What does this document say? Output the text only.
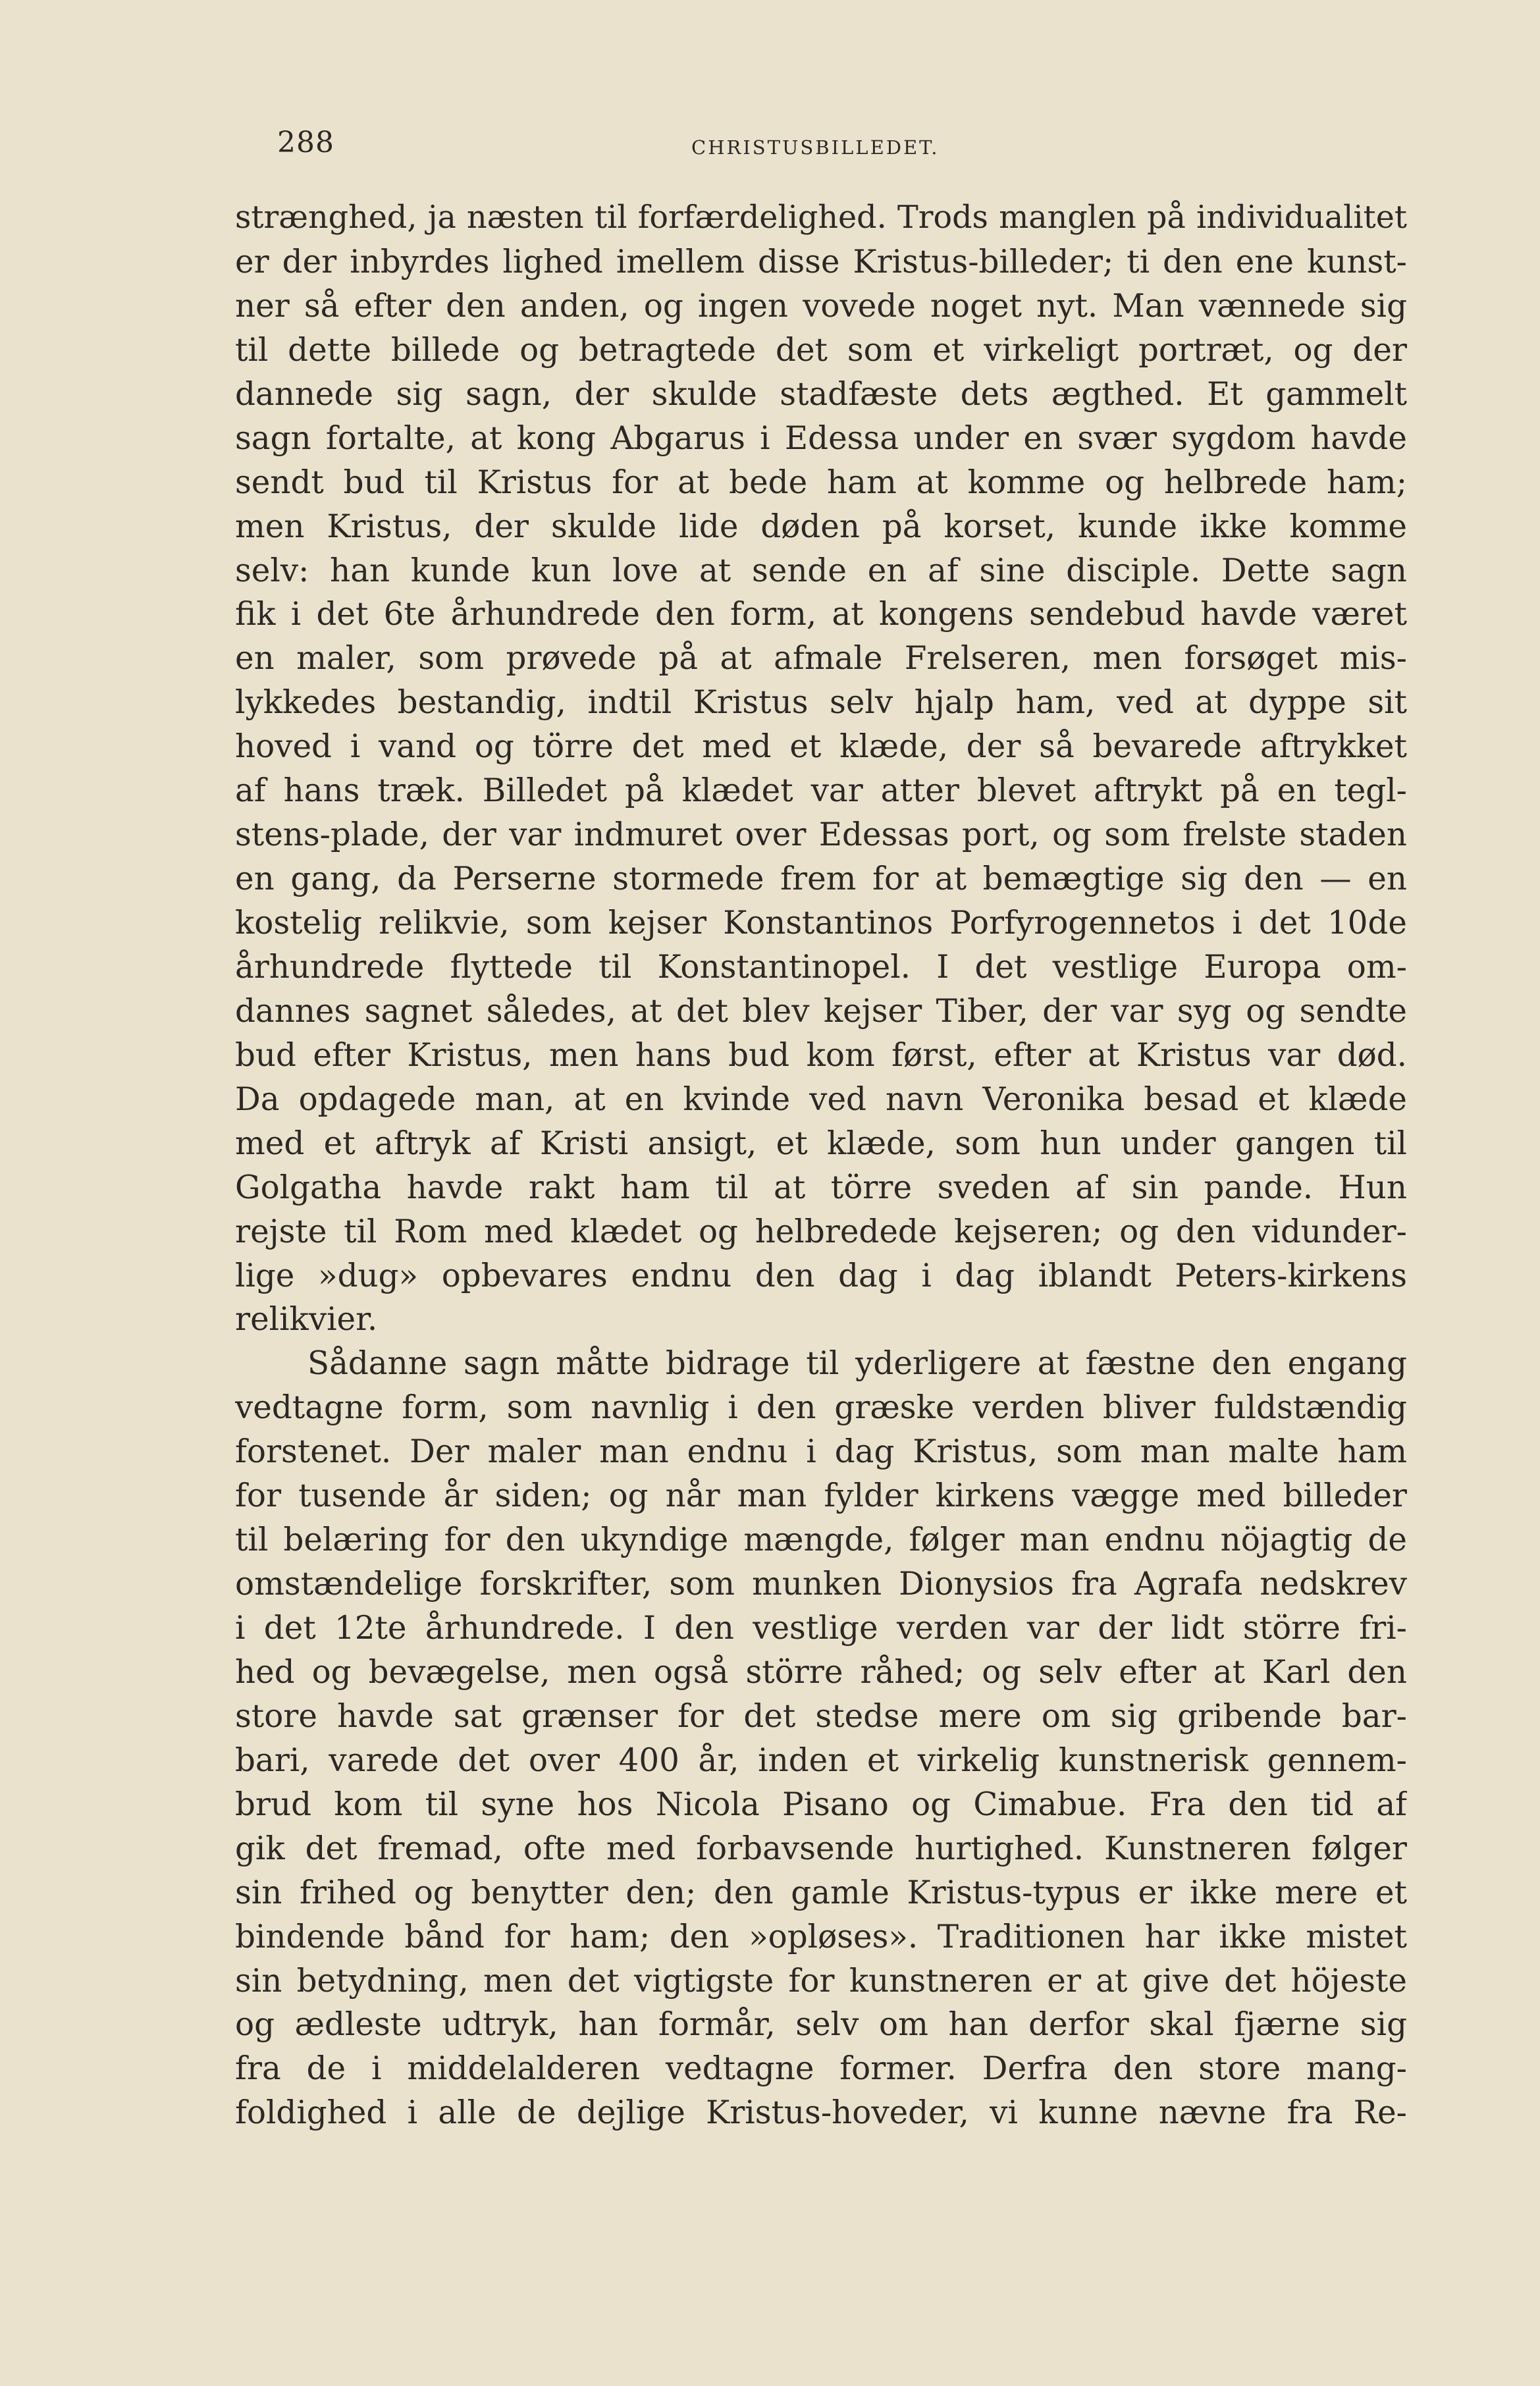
288	CHRISTUSBILLEDET.
strænghed, ja næsten til forfærdelighed. Trods manglen på individualitet
er der inbyrdes lighed imellem disse Kristus-billeder; ti den ene kunst-
ner så efter den anden, og ingen vovede noget nyt. Man vænnede sig
til dette billede og betragtede det som et virkeligt portræt, og der
dannede sig sagn, der skulde stadfæste dets ægthed. Et gammelt
sagn fortalte, at kong Abgarus i Edessa under en svær sygdom havde
sendt bud til Kristus for at bede ham at komme og helbrede ham;
men Kristus, der skulde lide døden på korset, kunde ikke komme
selv: han kunde kun love at sende en af sine disciple. Dette sagn
fik i det 6te århundrede den form, at kongens sendebud havde været
en maler, som prøvede på at afmale Frelseren, men forsøget mis-
lykkedes bestandig, indtil Kristus selv hjalp ham, ved at dyppe sit
hoved i vand og törre det med et klæde, der så bevarede aftrykket
af hans træk. Billedet på klædet var atter blevet aftrykt på en tegl-
stens-plade, der var indmuret over Edessas port, og som frelste staden
en gang, da Perserne stormede frem for at bemægtige sig den — en
kostelig relikvie, som kejser Konstantinos Porfyrogennetos i det 10de
århundrede flyttede til Konstantinopel. I det vestlige Europa om-
dannes sagnet således, at det blev kejser Tiber, der var syg og sendte
bud efter Kristus, men hans bud kom først, efter at Kristus var død.
Da opdagede man, at en kvinde ved navn Veronika besad et klæde
med et aftryk af Kristi ansigt, et klæde, som hun under gangen til
Golgatha havde rakt ham til at törre sveden af sin pande. Hun
rejste til Rom med klædet og helbredede kejseren; og den vidunder-
lige »dug» opbevares endnu den dag i dag iblandt Peters-kirkens
relikvier.
Sådanne sagn måtte bidrage til yderligere at fæstne den engang
vedtagne form, som navnlig i den græske verden bliver fuldstændig
forstenet. Der maler man endnu i dag Kristus, som man malte ham
for tusende år siden; og når man fylder kirkens vægge med billeder
til belæring for den ukyndige mængde, følger man endnu nöjagtig de
omstændelige forskrifter, som munken Dionysios fra Agrafa nedskrev
i det 12te århundrede. I den vestlige verden var der lidt större fri-
hed og bevægelse, men også större råhed; og selv efter at Karl den
store havde sat grænser for det stedse mere om sig gribende bar-
bari, varede det over 400 år, inden et virkelig kunstnerisk gennem-
brud kom til syne hos Nicola Pisano og Cimabue. Fra den tid af
gik det fremad, ofte med forbavsende hurtighed. Kunstneren følger
sin frihed og benytter den; den gamle Kristus-typus er ikke mere et
bindende bånd for ham; den »opløses». Traditionen har ikke mistet
sin betydning, men det vigtigste for kunstneren er at give det höjeste
og ædleste udtryk, han formår, selv om han derfor skal fjærne sig
fra de i middelalderen vedtagne former. Derfra den store mang-
foldighed i alle de dejlige Kristus-hoveder, vi kunne nævne fra Re-
